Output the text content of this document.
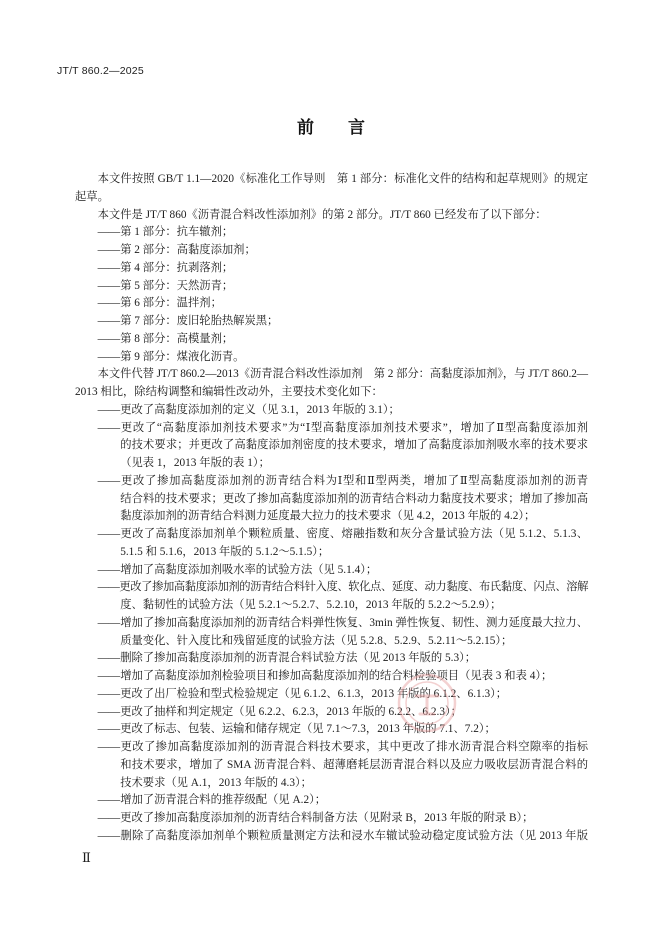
JT/T 860.2—2025
前　　言
本文件按照 GB/T 1.1—2020《标准化工作导则　第 1 部分：标准化文件的结构和起草规则》的规定
起草。
本文件是 JT/T 860《沥青混合料改性添加剂》的第 2 部分。JT/T 860 已经发布了以下部分：
——第 1 部分：抗车辙剂；
——第 2 部分：高黏度添加剂；
——第 4 部分：抗剥落剂；
——第 5 部分：天然沥青；
——第 6 部分：温拌剂；
——第 7 部分：废旧轮胎热解炭黑；
——第 8 部分：高模量剂；
——第 9 部分：煤液化沥青。
本文件代替 JT/T 860.2—2013《沥青混合料改性添加剂　第 2 部分：高黏度添加剂》，与 JT/T 860.2—
2013 相比，除结构调整和编辑性改动外，主要技术变化如下：
——更改了高黏度添加剂的定义（见 3.1，2013 年版的 3.1）；
——更改了“高黏度添加剂技术要求”为“Ⅰ型高黏度添加剂技术要求”，增加了Ⅱ型高黏度添加剂
的技术要求；并更改了高黏度添加剂密度的技术要求，增加了高黏度添加剂吸水率的技术要求
（见表 1，2013 年版的表 1）；
——更改了掺加高黏度添加剂的沥青结合料为Ⅰ型和Ⅱ型两类，增加了Ⅱ型高黏度添加剂的沥青
结合料的技术要求；更改了掺加高黏度添加剂的沥青结合料动力黏度技术要求；增加了掺加高
黏度添加剂的沥青结合料测力延度最大拉力的技术要求（见 4.2，2013 年版的 4.2）；
——更改了高黏度添加剂单个颗粒质量、密度、熔融指数和灰分含量试验方法（见 5.1.2、5.1.3、
5.1.5 和 5.1.6，2013 年版的 5.1.2～5.1.5）；
——增加了高黏度添加剂吸水率的试验方法（见 5.1.4）；
——更改了掺加高黏度添加剂的沥青结合料针入度、软化点、延度、动力黏度、布氏黏度、闪点、溶解
度、黏韧性的试验方法（见 5.2.1～5.2.7、5.2.10，2013 年版的 5.2.2～5.2.9）；
——增加了掺加高黏度添加剂的沥青结合料弹性恢复、3min 弹性恢复、韧性、测力延度最大拉力、
质量变化、针入度比和残留延度的试验方法（见 5.2.8、5.2.9、5.2.11～5.2.15）；
——删除了掺加高黏度添加剂的沥青混合料试验方法（见 2013 年版的 5.3）；
——增加了高黏度添加剂检验项目和掺加高黏度添加剂的结合料检验项目（见表 3 和表 4）；
——更改了出厂检验和型式检验规定（见 6.1.2、6.1.3，2013 年版的 6.1.2、6.1.3）；
——更改了抽样和判定规定（见 6.2.2、6.2.3，2013 年版的 6.2.2、6.2.3）；
——更改了标志、包装、运输和储存规定（见 7.1～7.3，2013 年版的 7.1、7.2）；
——更改了掺加高黏度添加剂的沥青混合料技术要求，其中更改了排水沥青混合料空隙率的指标
和技术要求，增加了 SMA 沥青混合料、超薄磨耗层沥青混合料以及应力吸收层沥青混合料的
技术要求（见 A.1，2013 年版的 4.3）；
——增加了沥青混合料的推荐级配（见 A.2）；
——更改了掺加高黏度添加剂的沥青结合料制备方法（见附录 B，2013 年版的附录 B）；
——删除了高黏度添加剂单个颗粒质量测定方法和浸水车辙试验动稳定度试验方法（见 2013 年版
Ⅱ
